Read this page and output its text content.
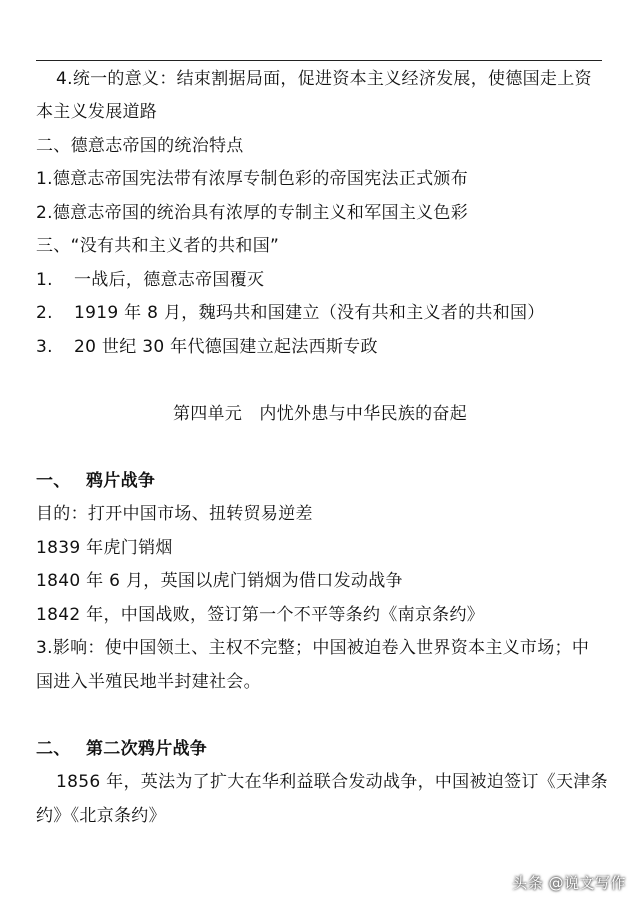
4.统一的意义：结束割据局面，促进资本主义经济发展，使德国走上资
本主义发展道路
二、德意志帝国的统治特点
1.德意志帝国宪法带有浓厚专制色彩的帝国宪法正式颁布
2.德意志帝国的统治具有浓厚的专制主义和军国主义色彩
三、“没有共和主义者的共和国”
1. 一战后，德意志帝国覆灭
2. 1919 年 8 月，魏玛共和国建立（没有共和主义者的共和国）
3. 20 世纪 30 年代德国建立起法西斯专政
第四单元　内忧外患与中华民族的奋起
一、 鸦片战争
目的：打开中国市场、扭转贸易逆差
1839 年虎门销烟
1840 年 6 月，英国以虎门销烟为借口发动战争
1842 年，中国战败，签订第一个不平等条约《南京条约》
3.影响：使中国领土、主权不完整；中国被迫卷入世界资本主义市场；中
国进入半殖民地半封建社会。
二、 第二次鸦片战争
1856 年，英法为了扩大在华利益联合发动战争，中国被迫签订《天津条
约》《北京条约》
头条 @说文写作
